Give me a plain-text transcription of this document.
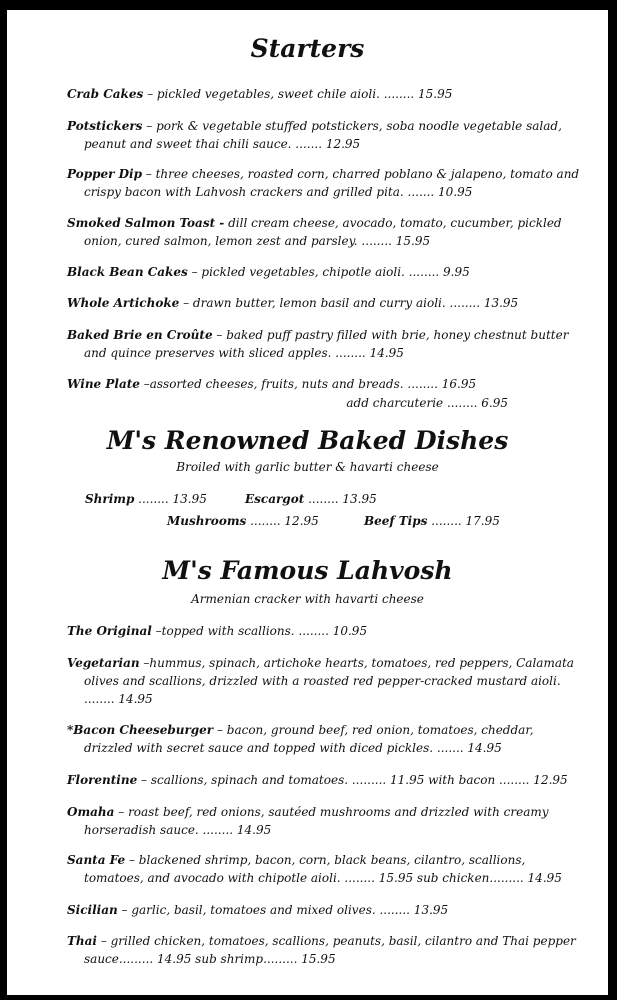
Starters
Crab Cakes – pickled vegetables, sweet chile aioli. ........ 15.95
Potstickers – pork & vegetable stuffed potstickers, soba noodle vegetable salad, peanut and sweet thai chili sauce. ....... 12.95
Popper Dip – three cheeses, roasted corn, charred poblano & jalapeno, tomato and crispy bacon with Lahvosh crackers and grilled pita. ....... 10.95
Smoked Salmon Toast - dill cream cheese, avocado, tomato, cucumber, pickled onion, cured salmon, lemon zest and parsley. ........ 15.95
Black Bean Cakes – pickled vegetables, chipotle aioli. ........ 9.95
Whole Artichoke – drawn butter, lemon basil and curry aioli. ........ 13.95
Baked Brie en Croûte – baked puff pastry filled with brie, honey chestnut butter and quince preserves with sliced apples. ........ 14.95
Wine Plate –assorted cheeses, fruits, nuts and breads. ........ 16.95
add charcuterie ........ 6.95
M's Renowned Baked Dishes
Broiled with garlic butter & havarti cheese
Shrimp ........ 13.95	Escargot ........ 13.95
Mushrooms ........ 12.95	Beef Tips ........ 17.95
M's Famous Lahvosh
Armenian cracker with havarti cheese
The Original –topped with scallions. ........ 10.95
Vegetarian –hummus, spinach, artichoke hearts, tomatoes, red peppers, Calamata olives and scallions, drizzled with a roasted red pepper-cracked mustard aioli. ........ 14.95
*Bacon Cheeseburger – bacon, ground beef, red onion, tomatoes, cheddar, drizzled with secret sauce and topped with diced pickles. ....... 14.95
Florentine – scallions, spinach and tomatoes. ......... 11.95 with bacon ........ 12.95
Omaha – roast beef, red onions, sautéed mushrooms and drizzled with creamy horseradish sauce. ........ 14.95
Santa Fe – blackened shrimp, bacon, corn, black beans, cilantro, scallions, tomatoes, and avocado with chipotle aioli. ........ 15.95 sub chicken......... 14.95
Sicilian – garlic, basil, tomatoes and mixed olives. ........ 13.95
Thai – grilled chicken, tomatoes, scallions, peanuts, basil, cilantro and Thai pepper sauce......... 14.95 sub shrimp......... 15.95
